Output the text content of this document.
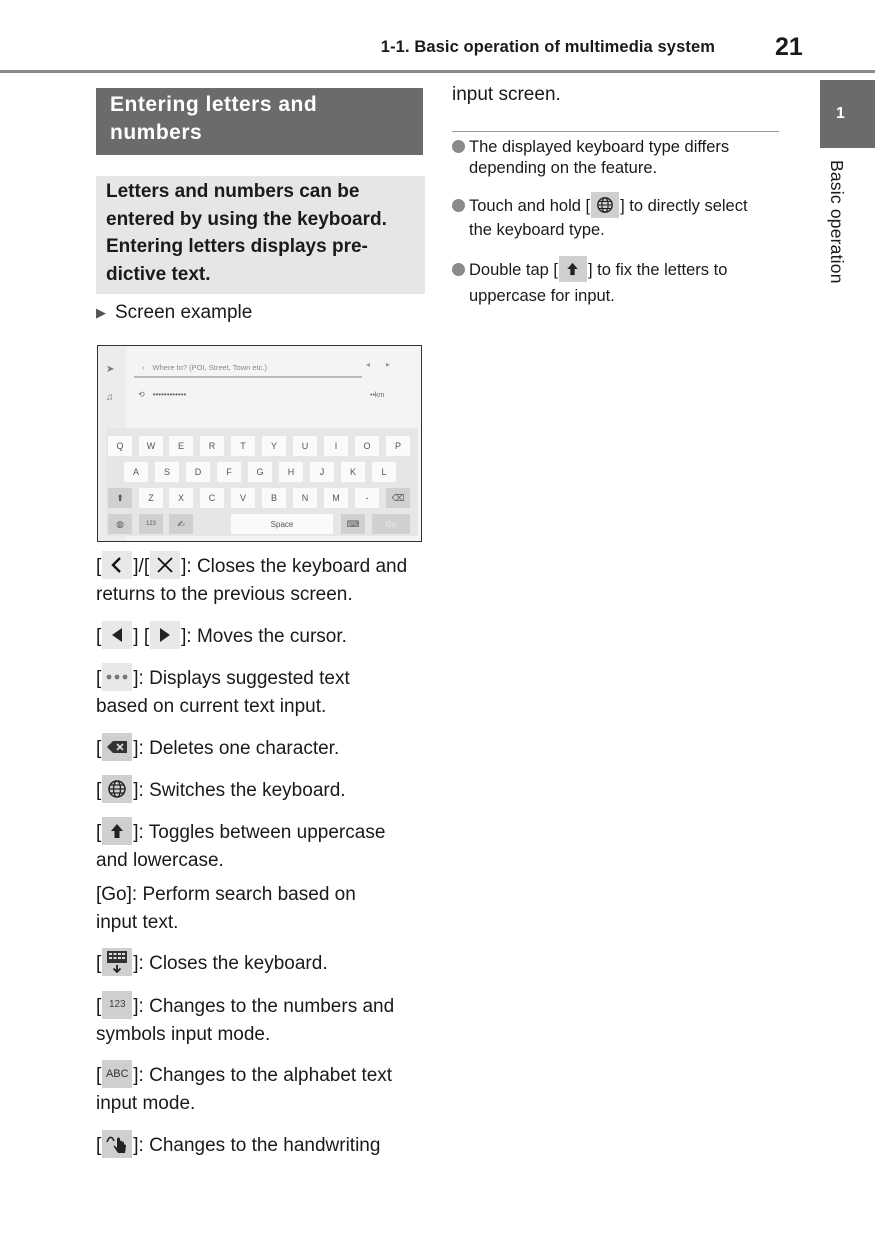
1-1. Basic operation of multimedia system 21
1
Basic operation
Entering letters and numbers
Letters and numbers can be entered by using the keyboard. Entering letters displays pre-dictive text.
▶ Screen example
➤
♫
‹ Where to? (POI, Street, Town etc.)	◂▸
⟲ ••••••••••••	••km
Q	W	E	R	T	Y	U	I	O	P
A	S	D	F	G	H	J	K	L
⬆	Z	X	C	V	B	N	M	-	⌫
◍	123	✍	Space	⌨	Go
[ ]/[ ]: Closes the keyboard and
returns to the previous screen.
[ ] [ ]: Moves the cursor.
[ ]: Displays suggested text
based on current text input.
[ ]: Deletes one character.
[ ]: Switches the keyboard.
[ ]: Toggles between uppercase
and lowercase.
[Go]: Perform search based on
input text.
[ ]: Closes the keyboard.
[ 123 ]: Changes to the numbers and
symbols input mode.
[ ABC ]: Changes to the alphabet text
input mode.
[ ]: Changes to the handwriting
input screen.
The displayed keyboard type differs
depending on the feature.
Touch and hold [ ] to directly select
the keyboard type.
Double tap [ ] to fix the letters to
uppercase for input.
